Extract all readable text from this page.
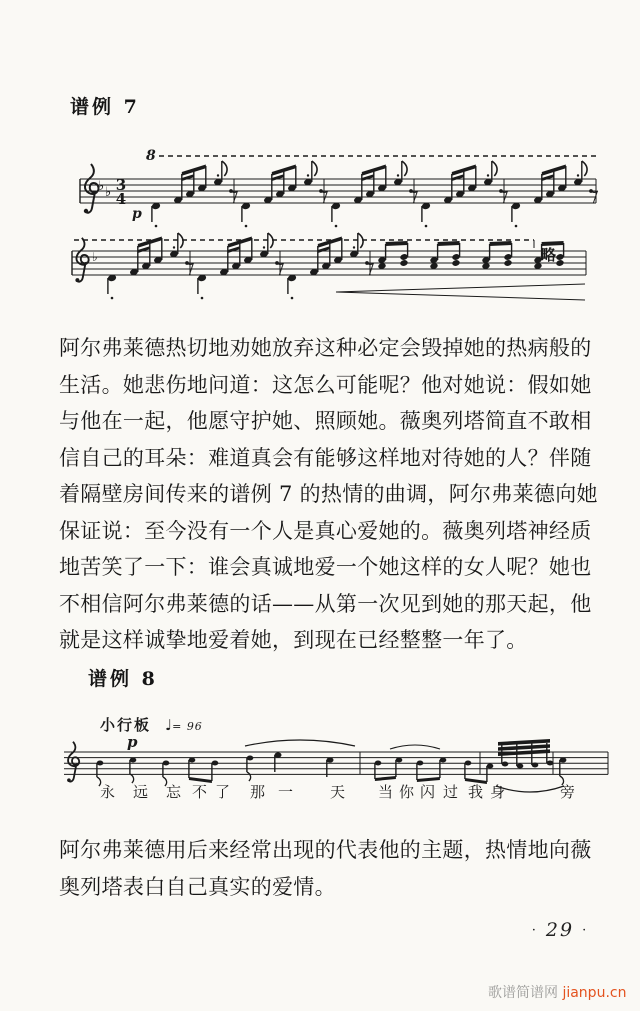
谱例 7
8
♭ ♭ 3
4
p
♭	略
阿尔弗莱德热切地劝她放弃这种必定会毁掉她的热病般的
生活。她悲伤地问道：这怎么可能呢？他对她说：假如她
与他在一起，他愿守护她、照顾她。薇奥列塔简直不敢相
信自己的耳朵：难道真会有能够这样地对待她的人？伴随
着隔壁房间传来的谱例 7 的热情的曲调，阿尔弗莱德向她
保证说：至今没有一个人是真心爱她的。薇奥列塔神经质
地苦笑了一下：谁会真诚地爱一个她这样的女人呢？她也
不相信阿尔弗莱德的话——从第一次见到她的那天起，他
就是这样诚挚地爱着她，到现在已经整整一年了。
谱例 8
小行板 ♩= 96
p
永 远 忘 不 了 那 一 天 当 你 闪 过 我 身	旁
阿尔弗莱德用后来经常出现的代表他的主题，热情地向薇
奥列塔表白自己真实的爱情。
· 29 ·
歌谱简谱网 jianpu.cn
